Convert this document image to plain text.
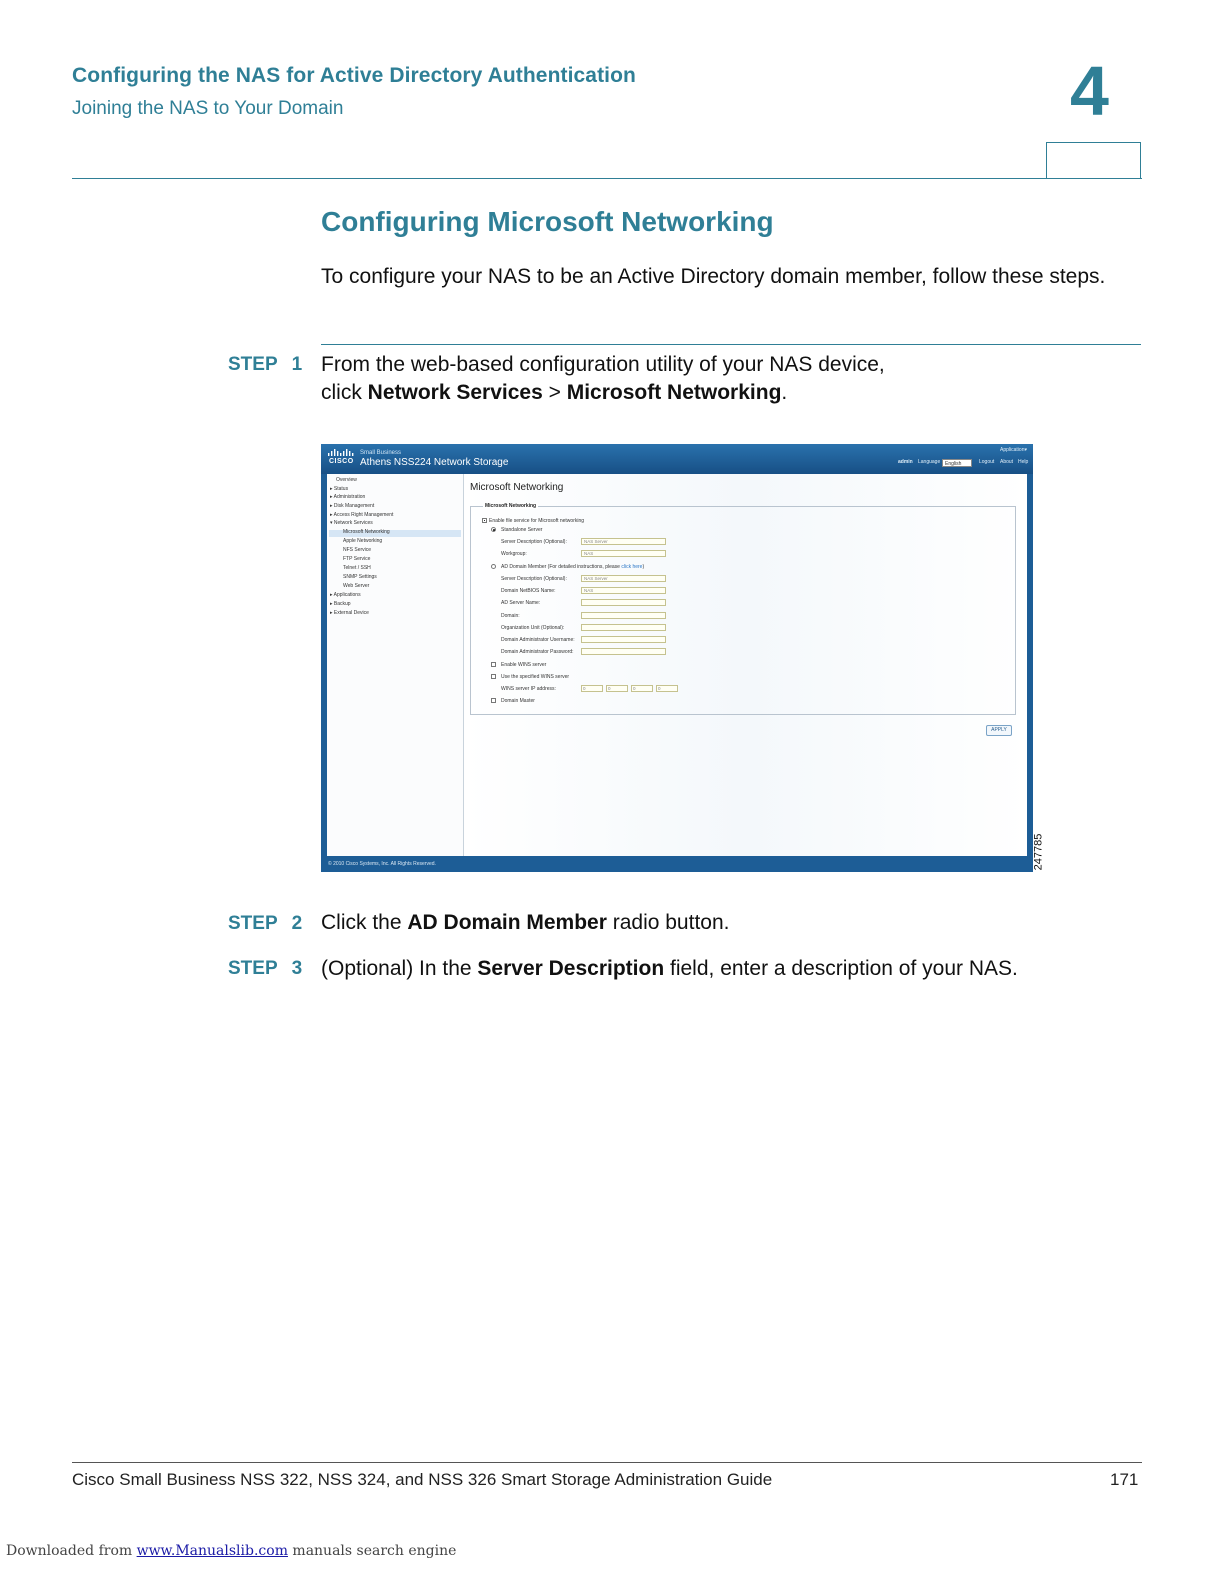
Configuring the NAS for Active Directory Authentication
Joining the NAS to Your Domain	4
Configuring Microsoft Networking
To configure your NAS to be an Active Directory domain member, follow these steps.
STEP 1 From the web-based configuration utility of your NAS device,
click Network Services > Microsoft Networking.
CISCO
Small Business
Athens NSS224 Network Storage
Application▾
admin Language English	Logout About Help
Overview
▸ Status
▸ Administration
▸ Disk Management
▸ Access Right Management
▾ Network Services
Microsoft Networking
Apple Networking
NFS Service
FTP Service
Telnet / SSH
SNMP Settings
Web Server
▸ Applications
▸ Backup
▸ External Device
Microsoft Networking
Microsoft Networking
Enable file service for Microsoft networking
Standalone Server
Server Description (Optional):	NAS Server
Workgroup:	NAS
AD Domain Member (For detailed instructions, please click here)
Server Description (Optional):	NAS Server
Domain NetBIOS Name:	NAS
AD Server Name:
Domain:
Organization Unit (Optional):
Domain Administrator Username:
Domain Administrator Password:
Enable WINS server
Use the specified WINS server
WINS server IP address:	0	0	0	0
Domain Master
APPLY
© 2010 Cisco Systems, Inc. All Rights Reserved.	247785
STEP 2 Click the AD Domain Member radio button.
STEP 3 (Optional) In the Server Description field, enter a description of your NAS.
Cisco Small Business NSS 322, NSS 324, and NSS 326 Smart Storage Administration Guide	171
Downloaded from www.Manualslib.com manuals search engine
